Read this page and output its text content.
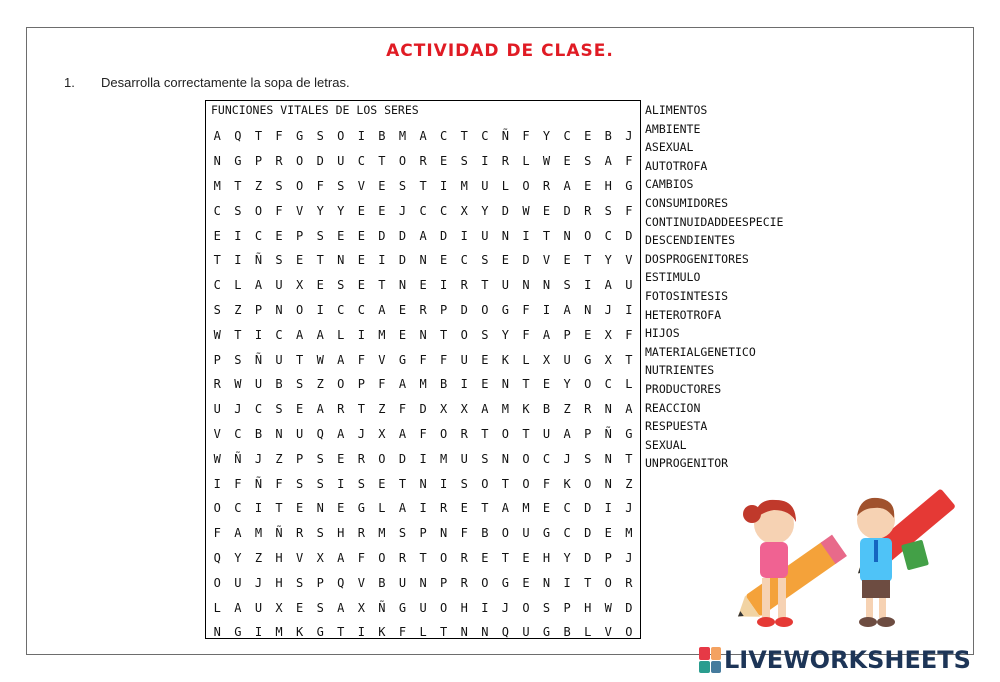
ACTIVIDAD DE CLASE.
1. Desarrolla correctamente la sopa de letras.
FUNCIONES VITALES DE LOS SERES
A	Q	T	F	G	S	O	I	B	M	A	C	T	C	Ñ	F	Y	C	E	B	J
N	G	P	R	O	D	U	C	T	O	R	E	S	I	R	L	W	E	S	A	F
M	T	Z	S	O	F	S	V	E	S	T	I	M	U	L	O	R	A	E	H	G
C	S	O	F	V	Y	Y	E	E	J	C	C	X	Y	D	W	E	D	R	S	F
E	I	C	E	P	S	E	E	D	D	A	D	I	U	N	I	T	N	O	C	D
T	I	Ñ	S	E	T	N	E	I	D	N	E	C	S	E	D	V	E	T	Y	V
C	L	A	U	X	E	S	E	T	N	E	I	R	T	U	N	N	S	I	A	U
S	Z	P	N	O	I	C	C	A	E	R	P	D	O	G	F	I	A	N	J	I
W	T	I	C	A	A	L	I	M	E	N	T	O	S	Y	F	A	P	E	X	F
P	S	Ñ	U	T	W	A	F	V	G	F	F	U	E	K	L	X	U	G	X	T
R	W	U	B	S	Z	O	P	F	A	M	B	I	E	N	T	E	Y	O	C	L
U	J	C	S	E	A	R	T	Z	F	D	X	X	A	M	K	B	Z	R	N	A
V	C	B	N	U	Q	A	J	X	A	F	O	R	T	O	T	U	A	P	Ñ	G
W	Ñ	J	Z	P	S	E	R	O	D	I	M	U	S	N	O	C	J	S	N	T
I	F	Ñ	F	S	S	I	S	E	T	N	I	S	O	T	O	F	K	O	N	Z
O	C	I	T	E	N	E	G	L	A	I	R	E	T	A	M	E	C	D	I	J
F	A	M	Ñ	R	S	H	R	M	S	P	N	F	B	O	U	G	C	D	E	M
Q	Y	Z	H	V	X	A	F	O	R	T	O	R	E	T	E	H	Y	D	P	J
O	U	J	H	S	P	Q	V	B	U	N	P	R	O	G	E	N	I	T	O	R
L	A	U	X	E	S	A	X	Ñ	G	U	O	H	I	J	O	S	P	H	W	D
N	G	I	M	K	G	T	I	K	F	L	T	N	N	Q	U	G	B	L	V	O
ALIMENTOS
AMBIENTE
ASEXUAL
AUTOTROFA
CAMBIOS
CONSUMIDORES
CONTINUIDADDEESPECIE
DESCENDIENTES
DOSPROGENITORES
ESTIMULO
FOTOSINTESIS
HETEROTROFA
HIJOS
MATERIALGENETICO
NUTRIENTES
PRODUCTORES
REACCION
RESPUESTA
SEXUAL
UNPROGENITOR
LIVEWORKSHEETS
